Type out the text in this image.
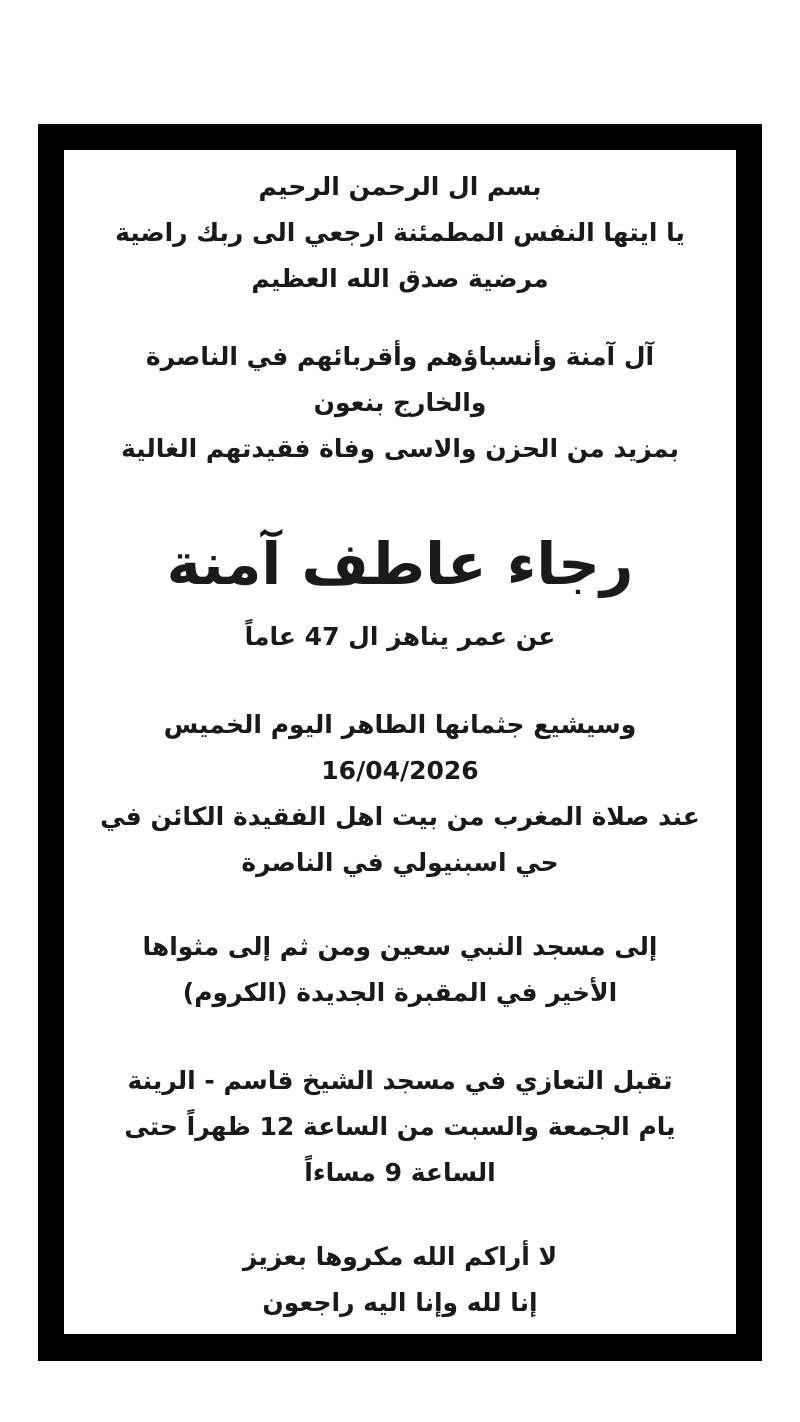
بسم ال الرحمن الرحيم
يا ايتها النفس المطمئنة ارجعي الى ربك راضية
مرضية صدق الله العظيم
آل آمنة وأنسباؤهم وأقربائهم في الناصرة
والخارج بنعون
بمزيد من الحزن والاسى وفاة فقيدتهم الغالية
رجاء عاطف آمنة
عن عمر يناهز ال 47 عاماً
وسيشيع جثمانها الطاهر اليوم الخميس
16/04/2026
عند صلاة المغرب من بيت اهل الفقيدة الكائن في
حي اسبنيولي في الناصرة
إلى مسجد النبي سعين ومن ثم إلى مثواها
الأخير في المقبرة الجديدة (الكروم)
تقبل التعازي في مسجد الشيخ قاسم - الرينة
يام الجمعة والسبت من الساعة 12 ظهراً حتى
الساعة 9 مساءاً
لا أراكم الله مكروها بعزيز
إنا لله وإنا اليه راجعون
